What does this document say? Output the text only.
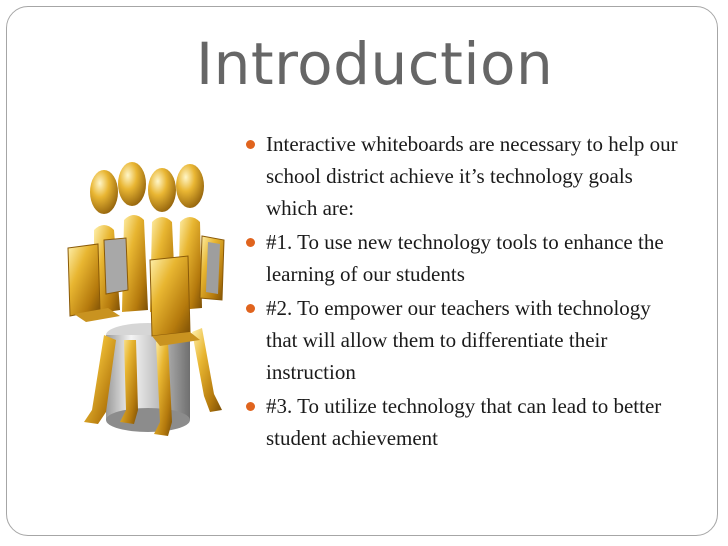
Introduction
Interactive whiteboards are necessary to help our school district achieve it’s technology goals which are:
#1. To use new technology tools to enhance the learning of our students
#2. To empower our teachers with technology that will allow them to differentiate their instruction
#3. To utilize technology that can lead to better student achievement
